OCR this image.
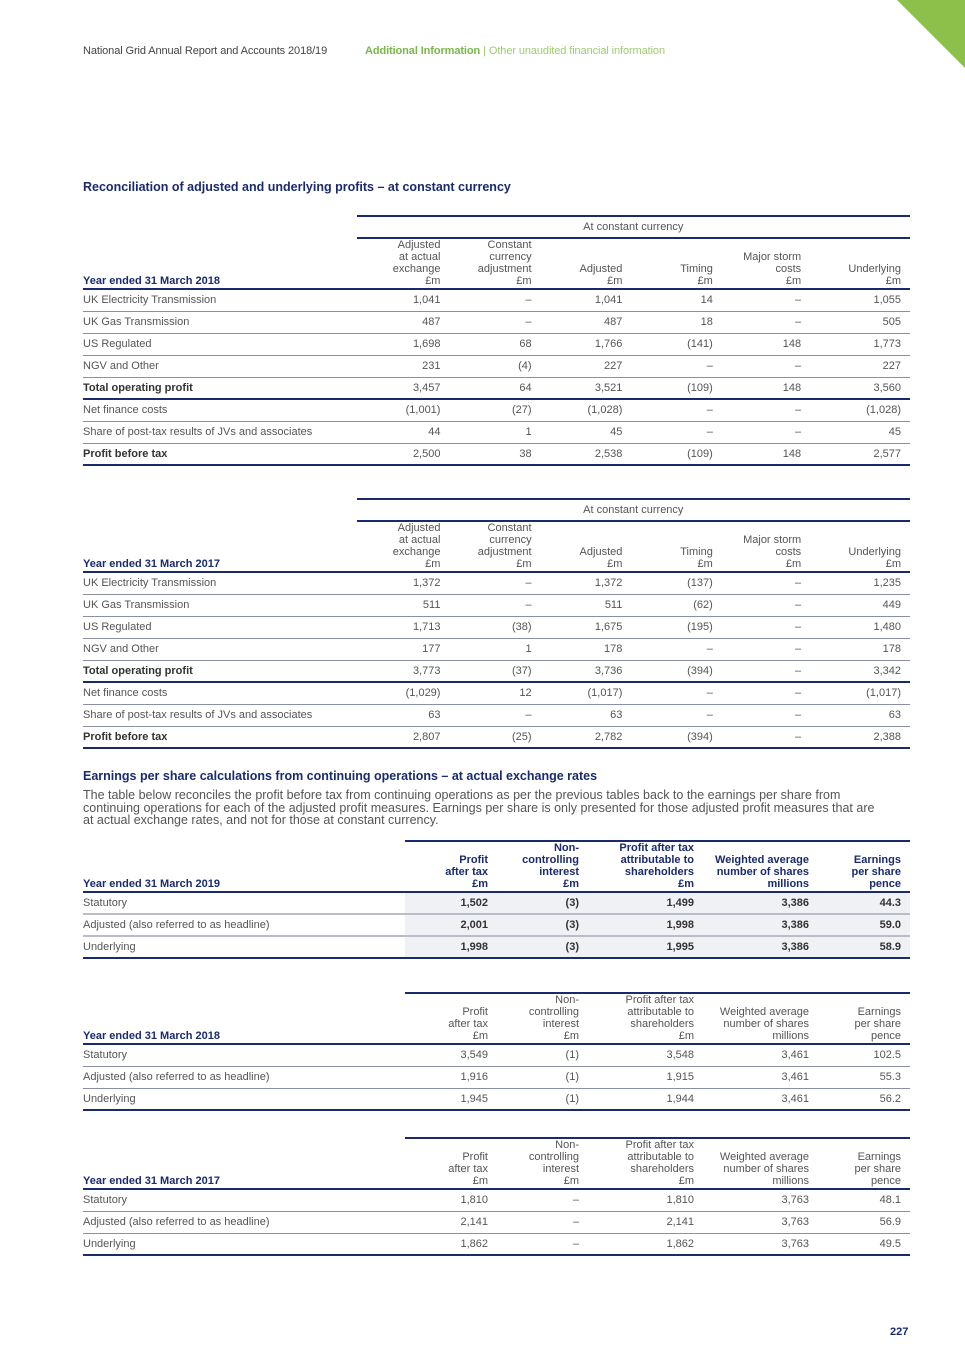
National Grid Annual Report and Accounts 2018/19	Additional Information | Other unaudited financial information
Reconciliation of adjusted and underlying profits – at constant currency
Earnings per share calculations from continuing operations – at actual exchange rates
The table below reconciles the profit before tax from continuing operations as per the previous tables back to the earnings per share from continuing operations for each of the adjusted profit measures. Earnings per share is only presented for those adjusted profit measures that are at actual exchange rates, and not for those at constant currency.
227
	At constant currency					
Year ended 31 March 2018	
Adjusted
at actual
exchange
£m

Constant
currency
adjustment
£m

Adjusted
£m

Timing
£m

Major storm
costs
£m

Underlying
£m

UK Electricity Transmission	1,041	–	1,041	14	–	1,055
UK Gas Transmission	487	–	487	18	–	505
US Regulated	1,698	68	1,766	(141)	148	1,773
NGV and Other	231	(4)	227	–	–	227
Total operating profit	3,457	64	3,521	(109)	148	3,560
Net finance costs	(1,001)	(27)	(1,028)	–	–	(1,028)
Share of post-tax results of JVs and associates	44	1	45	–	–	45
Profit before tax	2,500	38	2,538	(109)	148	2,577
	At constant currency					
Year ended 31 March 2017	
Adjusted
at actual
exchange
£m

Constant
currency
adjustment
£m

Adjusted
£m

Timing
£m

Major storm
costs
£m

Underlying
£m

UK Electricity Transmission	1,372	–	1,372	(137)	–	1,235
UK Gas Transmission	511	–	511	(62)	–	449
US Regulated	1,713	(38)	1,675	(195)	–	1,480
NGV and Other	177	1	178	–	–	178
Total operating profit	3,773	(37)	3,736	(394)	–	3,342
Net finance costs	(1,029)	12	(1,017)	–	–	(1,017)
Share of post-tax results of JVs and associates	63	–	63	–	–	63
Profit before tax	2,807	(25)	2,782	(394)	–	2,388

Year ended 31 March 2019	
Profit
after tax
£m

Non-
controlling
interest
£m

Profit after tax
attributable to
shareholders
£m

Weighted average
number of shares
millions

Earnings
per share
pence

Statutory	1,502	(3)	1,499	3,386	44.3
Adjusted (also referred to as headline)	2,001	(3)	1,998	3,386	59.0
Underlying	1,998	(3)	1,995	3,386	58.9

Year ended 31 March 2018	
Profit
after tax
£m

Non-
controlling
interest
£m

Profit after tax
attributable to
shareholders
£m

Weighted average
number of shares
millions

Earnings
per share
pence

Statutory	3,549	(1)	3,548	3,461	102.5
Adjusted (also referred to as headline)	1,916	(1)	1,915	3,461	55.3
Underlying	1,945	(1)	1,944	3,461	56.2

Year ended 31 March 2017	
Profit
after tax
£m

Non-
controlling
interest
£m

Profit after tax
attributable to
shareholders
£m

Weighted average
number of shares
millions

Earnings
per share
pence

Statutory	1,810	–	1,810	3,763	48.1
Adjusted (also referred to as headline)	2,141	–	2,141	3,763	56.9
Underlying	1,862	–	1,862	3,763	49.5
